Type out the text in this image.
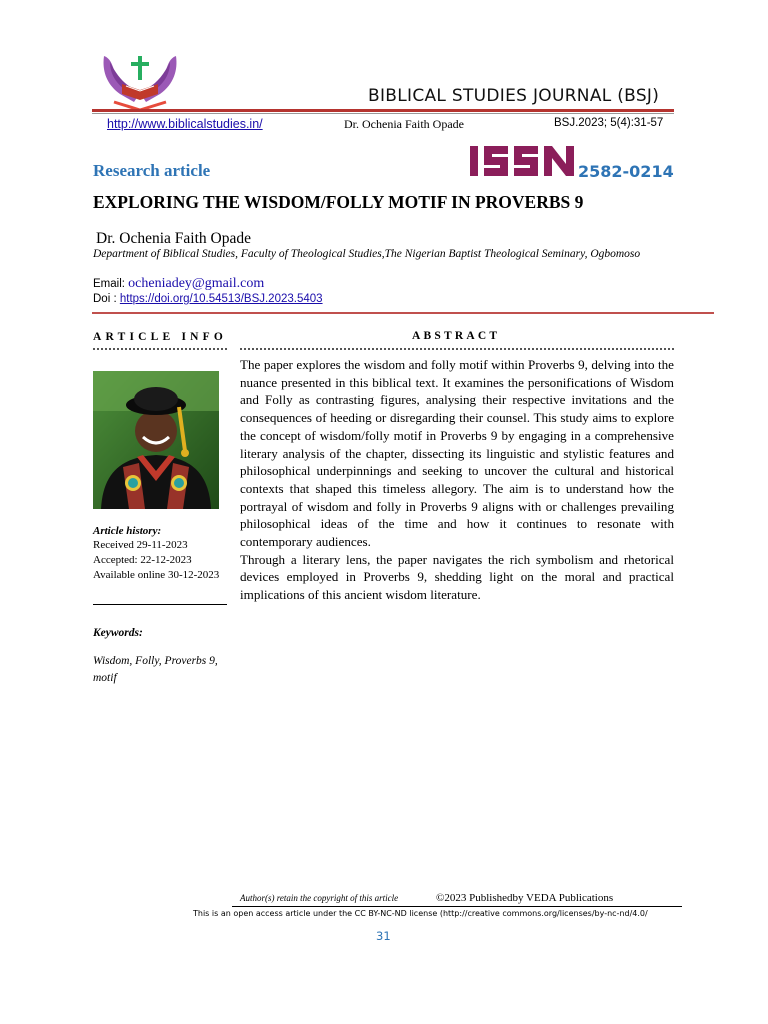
BIBLICAL STUDIES JOURNAL (BSJ)
http://www.biblicalstudies.in/	Dr. Ochenia Faith Opade	BSJ.2023; 5(4):31-57
Research article	2582-0214
EXPLORING THE WISDOM/FOLLY MOTIF IN PROVERBS 9
Dr. Ochenia Faith Opade
Department of Biblical Studies, Faculty of Theological Studies,The Nigerian Baptist Theological Seminary, Ogbomoso
Email: ocheniadey@gmail.com
Doi : https://doi.org/10.54513/BSJ.2023.5403
ARTICLE INFO
Article history:
Received 29-11-2023
Accepted: 22-12-2023
Available online 30-12-2023
Keywords:
Wisdom, Folly, Proverbs 9, motif
ABSTRACT

The paper explores the wisdom and folly motif within Proverbs 9, delving into the nuance presented in this biblical text. It examines the personifications of Wisdom and Folly as contrasting figures, analysing their respective invitations and the consequences of heeding or disregarding their counsel. This study aims to explore the concept of wisdom/folly motif in Proverbs 9 by engaging in a comprehensive literary analysis of the chapter, dissecting its linguistic and stylistic features and philosophical underpinnings and seeking to uncover the cultural and historical contexts that shaped this timeless allegory. The aim is to understand how the portrayal of wisdom and folly in Proverbs 9 aligns with or challenges prevailing philosophical ideas of the time and how it continues to resonate with contemporary audiences.

Through a literary lens, the paper navigates the rich symbolism and rhetorical devices employed in Proverbs 9, shedding light on the moral and practical implications of this ancient wisdom literature.

Author(s) retain the copyright of this article	©2023 Publishedby VEDA Publications
This is an open access article under the CC BY-NC-ND license (http://creative commons.org/licenses/by-nc-nd/4.0/
31
